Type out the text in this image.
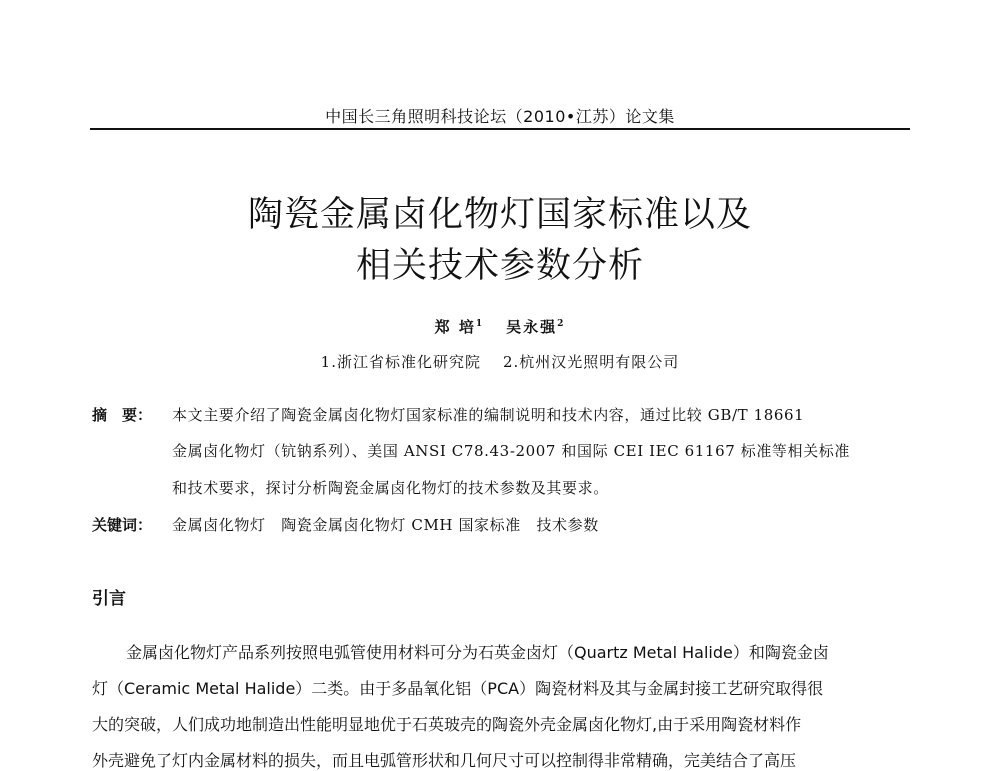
中国长三角照明科技论坛（2010•江苏）论文集
陶瓷金属卤化物灯国家标准以及
相关技术参数分析
郑 培$^1$ 吴永强$^2$
1.浙江省标准化研究院 2.杭州汉光照明有限公司
摘　要： 本文主要介绍了陶瓷金属卤化物灯国家标准的编制说明和技术内容，通过比较 GB/T 18661
金属卤化物灯（钪钠系列）、美国 ANSI C78.43-2007 和国际 CEI IEC 61167 标准等相关标准
和技术要求，探讨分析陶瓷金属卤化物灯的技术参数及其要求。
关键词： 金属卤化物灯　陶瓷金属卤化物灯 CMH 国家标准　技术参数
引言
金属卤化物灯产品系列按照电弧管使用材料可分为石英金卤灯（Quartz Metal Halide）和陶瓷金卤
灯（Ceramic Metal Halide）二类。由于多晶氧化铝（PCA）陶瓷材料及其与金属封接工艺研究取得很
大的突破，人们成功地制造出性能明显地优于石英玻壳的陶瓷外壳金属卤化物灯,由于采用陶瓷材料作
外壳避免了灯内金属材料的损失，而且电弧管形状和几何尺寸可以控制得非常精确，完美结合了高压
